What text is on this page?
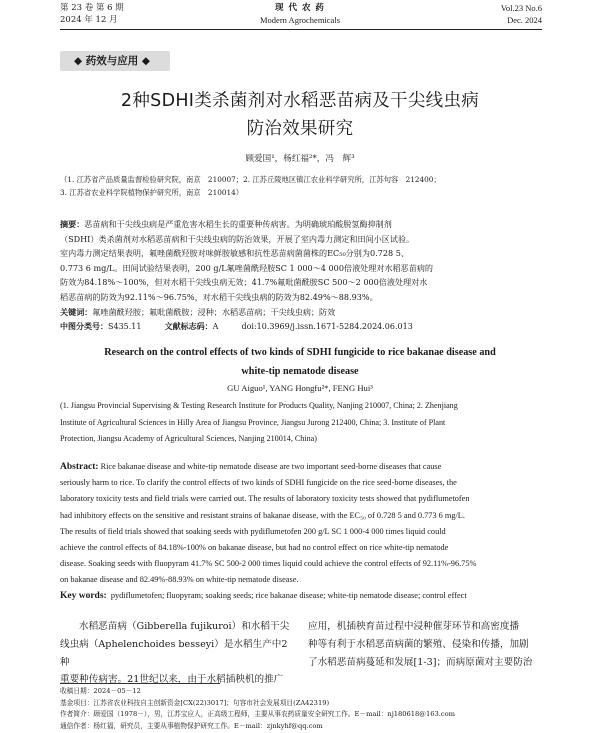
第 23 卷 第 6 期
2024 年 12 月
现 代 农 药
Modern Agrochemicals
Vol.23 No.6
Dec. 2024
◆ 药效与应用 ◆
2种SDHI类杀菌剂对水稻恶苗病及干尖线虫病
防治效果研究
顾爱国¹，杨红福²*，冯　辉³
（1. 江苏省产品质量监督检验研究院，南京　210007；2. 江苏丘陵地区镇江农业科学研究所，江苏句容　212400；
3. 江苏省农业科学院植物保护研究所，南京　210014）
摘要：恶苗病和干尖线虫病是严重危害水稻生长的重要种传病害。为明确琥珀酸脱氢酶抑制剂
（SDHI）类杀菌剂对水稻恶苗病和干尖线虫病的防治效果，开展了室内毒力测定和田间小区试验。
室内毒力测定结果表明，氟唑菌酰羟胺对味鲜胺敏感和抗性恶苗病菌菌株的EC₅₀分别为0.728 5、
0.773 6 mg/L。田间试验结果表明，200 g/L氟唑菌酰羟胺SC 1 000～4 000倍液处理对水稻恶苗病的
防效为84.18%～100%，但对水稻干尖线虫病无效；41.7%氟吡菌酰胺SC 500～2 000倍液处理对水
稻恶苗病的防效为92.11%～96.75%，对水稻干尖线虫病的防效为82.49%～88.93%。
关键词：氟唑菌酰羟胺；氟吡菌酰胺；浸种；水稻恶苗病；干尖线虫病；防效
中图分类号：S435.11	文献标志码：A	doi:10.3969/j.issn.1671-5284.2024.06.013
Research on the control effects of two kinds of SDHI fungicide to rice bakanae disease and
white-tip nematode disease
GU Aiguo¹, YANG Hongfu²*, FENG Hui³
(1. Jiangsu Provincial Supervising & Testing Research Institute for Products Quality, Nanjing 210007, China; 2. Zhenjiang
Institute of Agricultural Sciences in Hilly Area of Jiangsu Province, Jiangsu Jurong 212400, China; 3. Institute of Plant
Protection, Jiangsu Academy of Agricultural Sciences, Nanjing 210014, China)
Abstract: Rice bakanae disease and white-tip nematode disease are two important seed-borne diseases that cause
seriously harm to rice. To clarify the control effects of two kinds of SDHI fungicide on the rice seed-borne diseases, the
laboratory toxicity tests and field trials were carried out. The results of laboratory toxicity tests showed that pydiflumetofen
had inhibitory effects on the sensitive and resistant strains of bakanae disease, with the EC₅₀ of 0.728 5 and 0.773 6 mg/L.
The results of field trials showed that soaking seeds with pydiflumetofen 200 g/L SC 1 000-4 000 times liquid could
achieve the control effects of 84.18%-100% on bakanae disease, but had no control effect on rice white-tip nematode
disease. Soaking seeds with fluopyram 41.7% SC 500-2 000 times liquid could achieve the control effects of 92.11%-96.75%
on bakanae disease and 82.49%-88.93% on white-tip nematode disease.
Key words: pydiflumetofen; fluopyram; soaking seeds; rice bakanae disease; white-tip nematode disease; control effect
水稻恶苗病（Gibberella fujikuroi）和水稻干尖
线虫病（Aphelenchoides besseyi）是水稻生产中2种
重要种传病害。21世纪以来，由于水稻插秧机的推广
应用，机插秧育苗过程中浸种催芽环节和高密度播
种等有利于水稻恶苗病菌的繁殖、侵染和传播，加剧
了水稻恶苗病蔓延和发展[1-3]；而病原菌对主要防治
收稿日期：2024－05－12
基金项目：江苏省农业科技自主创新资金[CX(22)3017]；句容市社会发展项目(ZA42319)
作者简介：顾爱国（1978－），男，江苏宝应人，正高级工程师，主要从事农药质量安全研究工作。E－mail：nj180618@163.com
通信作者：杨红福，研究员，主要从事植物保护研究工作。E－mail：zjnkyhf@qq.com
